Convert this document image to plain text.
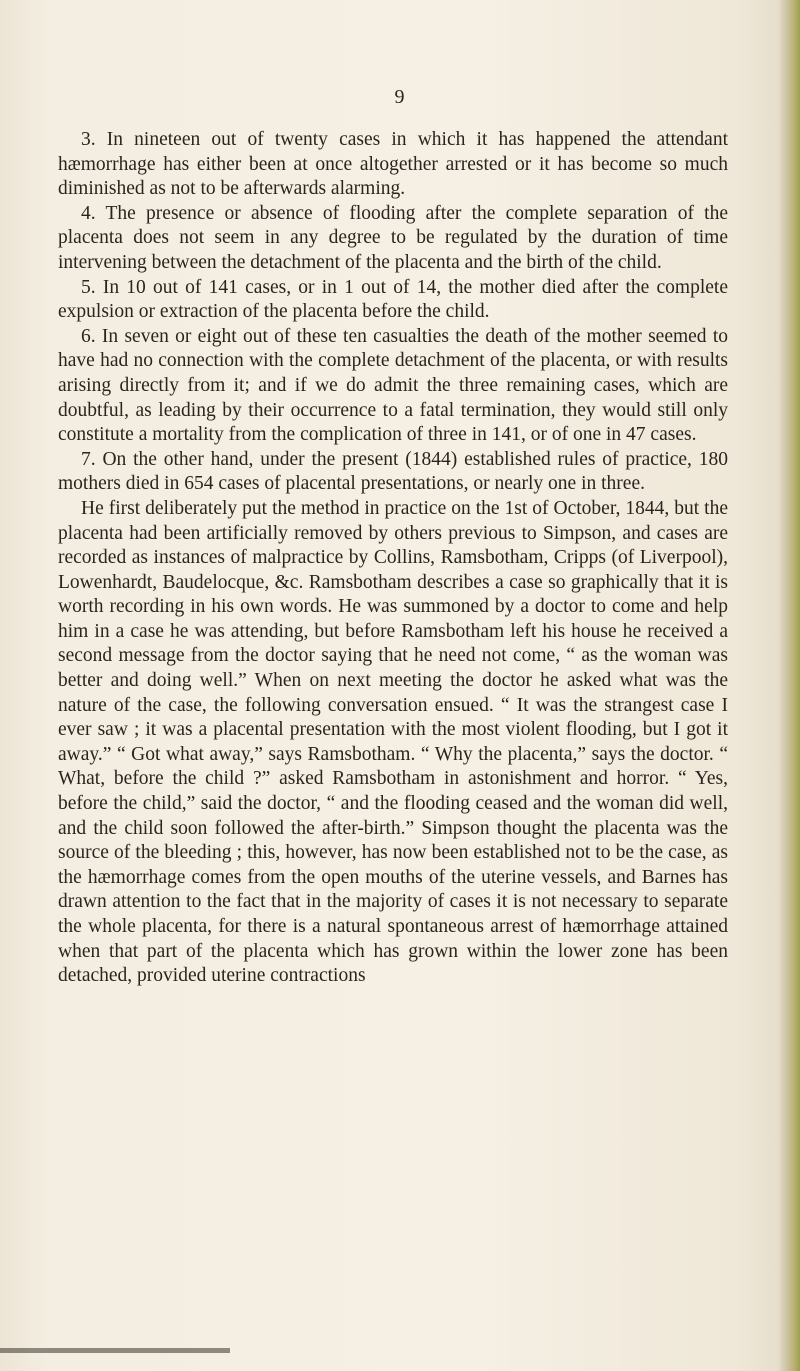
9

3. In nineteen out of twenty cases in which it has happened the attendant hæmorrhage has either been at once altogether arrested or it has become so much diminished as not to be afterwards alarming.

4. The presence or absence of flooding after the complete separation of the placenta does not seem in any degree to be regulated by the duration of time intervening between the detachment of the placenta and the birth of the child.

5. In 10 out of 141 cases, or in 1 out of 14, the mother died after the complete expulsion or extraction of the placenta before the child.

6. In seven or eight out of these ten casualties the death of the mother seemed to have had no connection with the complete detachment of the placenta, or with results arising directly from it; and if we do admit the three remaining cases, which are doubtful, as leading by their occurrence to a fatal termination, they would still only constitute a mortality from the complication of three in 141, or of one in 47 cases.

7. On the other hand, under the present (1844) established rules of practice, 180 mothers died in 654 cases of placental presentations, or nearly one in three.

He first deliberately put the method in practice on the 1st of October, 1844, but the placenta had been artificially removed by others previous to Simpson, and cases are recorded as instances of malpractice by Collins, Ramsbotham, Cripps (of Liverpool), Lowenhardt, Baudelocque, &c. Ramsbotham describes a case so graphically that it is worth recording in his own words. He was summoned by a doctor to come and help him in a case he was attending, but before Ramsbotham left his house he received a second message from the doctor saying that he need not come, “ as the woman was better and doing well.” When on next meeting the doctor he asked what was the nature of the case, the following conversation ensued. “ It was the strangest case I ever saw ; it was a placental presentation with the most violent flooding, but I got it away.” “ Got what away,” says Ramsbotham. “ Why the placenta,” says the doctor. “ What, before the child ?” asked Ramsbotham in astonishment and horror. “ Yes, before the child,” said the doctor, “ and the flooding ceased and the woman did well, and the child soon followed the after-birth.” Simpson thought the placenta was the source of the bleeding ; this, however, has now been established not to be the case, as the hæmorrhage comes from the open mouths of the uterine vessels, and Barnes has drawn attention to the fact that in the majority of cases it is not necessary to separate the whole placenta, for there is a natural spontaneous arrest of hæmorrhage attained when that part of the placenta which has grown within the lower zone has been detached, provided uterine contractions
